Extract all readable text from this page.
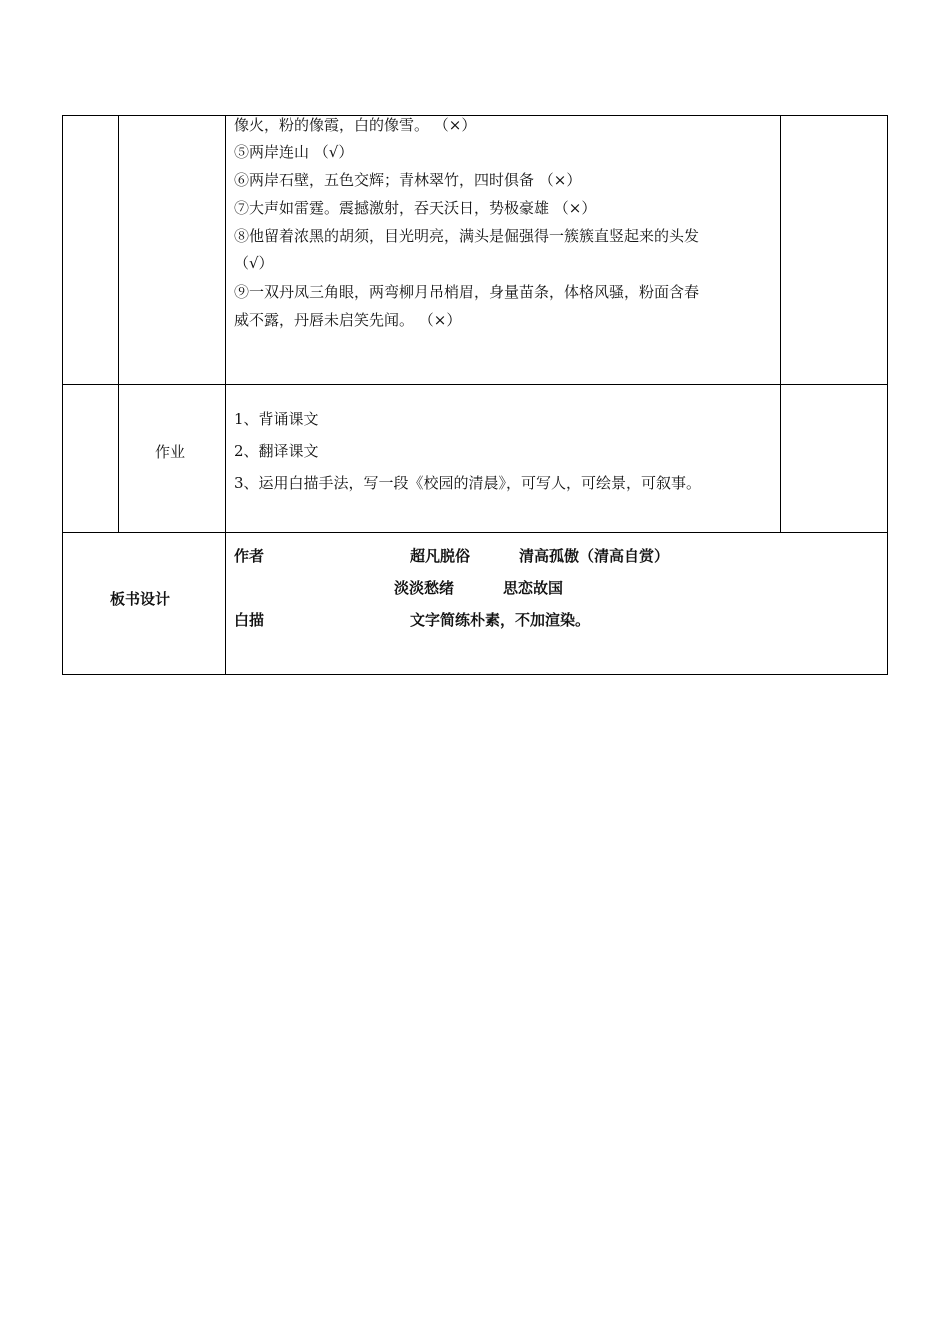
像火，粉的像霞，白的像雪。 （×）
⑤两岸连山 （√）
⑥两岸石壁，五色交辉；青林翠竹，四时俱备 （×）
⑦大声如雷霆。震撼激射，吞天沃日，势极豪雄 （×）
⑧他留着浓黑的胡须，目光明亮，满头是倔强得一簇簇直竖起来的头发
（√）
⑨一双丹凤三角眼，两弯柳月吊梢眉，身量苗条，体格风骚，粉面含春
威不露，丹唇未启笑先闻。 （×）
作业
1、背诵课文
2、翻译课文
3、运用白描手法，写一段《校园的清晨》，可写人，可绘景，可叙事。
板书设计
作者	超凡脱俗	清高孤傲（清高自赏）
淡淡愁绪	思恋故国
白描	文字简练朴素，不加渲染。
